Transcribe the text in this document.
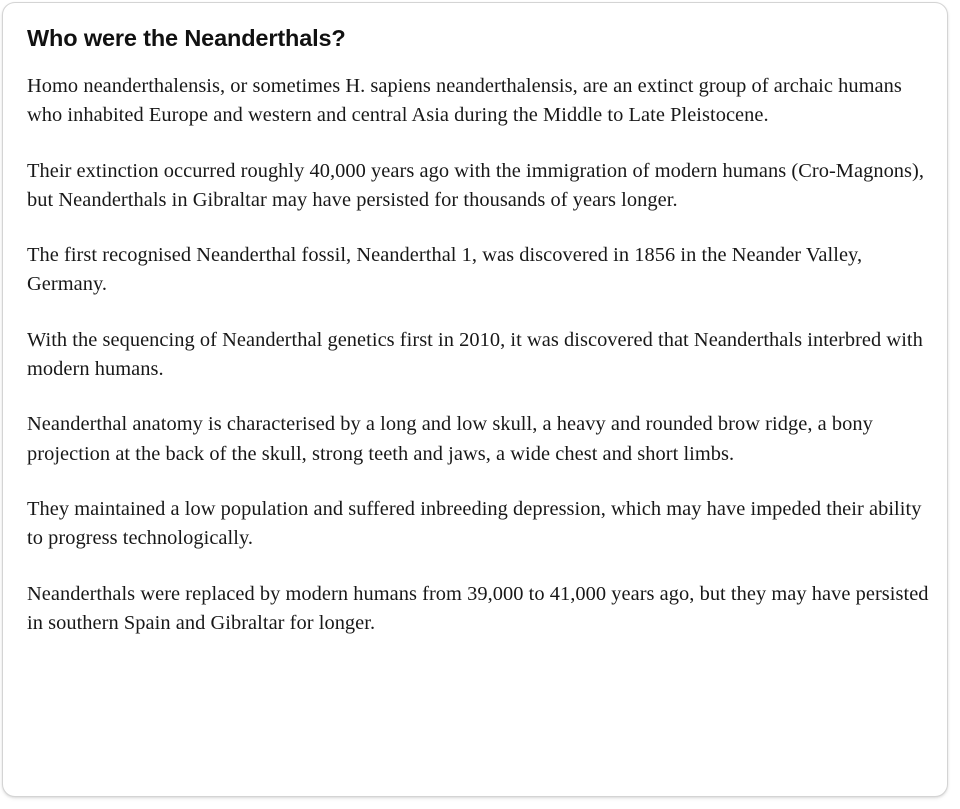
Who were the Neanderthals?

Homo neanderthalensis, or sometimes H. sapiens neanderthalensis, are an extinct group of archaic humans who inhabited Europe and western and central Asia during the Middle to Late Pleistocene.

Their extinction occurred roughly 40,000 years ago with the immigration of modern humans (Cro-Magnons), but Neanderthals in Gibraltar may have persisted for thousands of years longer.

The first recognised Neanderthal fossil, Neanderthal 1, was discovered in 1856 in the Neander Valley, Germany.

With the sequencing of Neanderthal genetics first in 2010, it was discovered that Neanderthals interbred with modern humans.

Neanderthal anatomy is characterised by a long and low skull, a heavy and rounded brow ridge, a bony projection at the back of the skull, strong teeth and jaws, a wide chest and short limbs.

They maintained a low population and suffered inbreeding depression, which may have impeded their ability to progress technologically.

Neanderthals were replaced by modern humans from 39,000 to 41,000 years ago, but they may have persisted in southern Spain and Gibraltar for longer.
